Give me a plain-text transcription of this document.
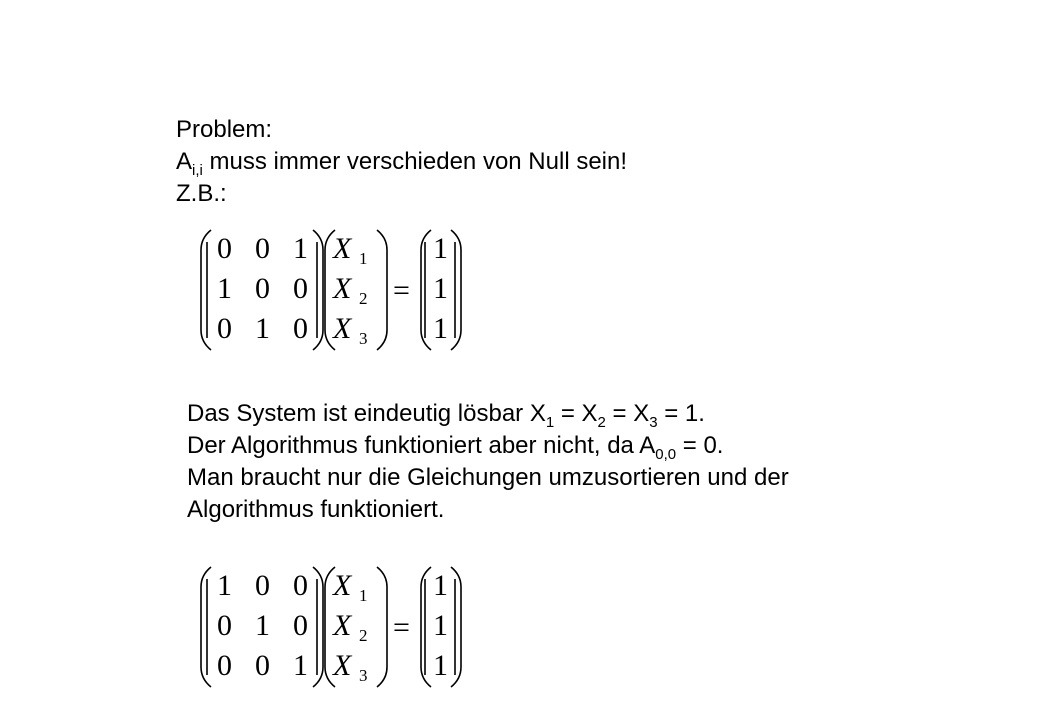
Problem:
$A_{i,i}$ muss immer verschieden von Null sein!
Z.B.:
0 0 1
1 0 0
0 1 0
X 1
X 2
X 3
=
1
1
1
Das System ist eindeutig lösbar $X_1 = X_2 = X_3 = 1$.
Der Algorithmus funktioniert aber nicht, da $A_{0,0} = 0$.
Man braucht nur die Gleichungen umzusortieren und der
Algorithmus funktioniert.
1 0 0
0 1 0
0 0 1
X 1
X 2
X 3
=
1
1
1
